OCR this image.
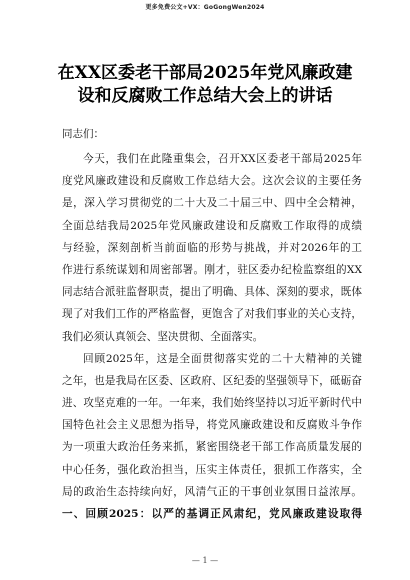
更多免费公文+VX：GoGongWen2024
在XX区委老干部局2025年党风廉政建
设和反腐败工作总结大会上的讲话
同志们：
今天，我们在此隆重集会，召开XX区委老干部局2025年
度党风廉政建设和反腐败工作总结大会。这次会议的主要任务
是，深入学习贯彻党的二十大及二十届三中、四中全会精神，
全面总结我局2025年党风廉政建设和反腐败工作取得的成绩
与经验，深刻剖析当前面临的形势与挑战，并对2026年的工
作进行系统谋划和周密部署。刚才，驻区委办纪检监察组的XX
同志结合派驻监督职责，提出了明确、具体、深刻的要求，既体
现了对我们工作的严格监督，更饱含了对我们事业的关心支持，
我们必须认真领会、坚决贯彻、全面落实。
回顾2025年，这是全面贯彻落实党的二十大精神的关键
之年，也是我局在区委、区政府、区纪委的坚强领导下，砥砺奋
进、攻坚克难的一年。一年来，我们始终坚持以习近平新时代中
国特色社会主义思想为指导，将党风廉政建设和反腐败斗争作
为一项重大政治任务来抓，紧密围绕老干部工作高质量发展的
中心任务，强化政治担当，压实主体责任，狠抓工作落实，全
局的政治生态持续向好，风清气正的干事创业氛围日益浓厚。
一、回顾2025：以严的基调正风肃纪，党风廉政建设取得
— 1 —
